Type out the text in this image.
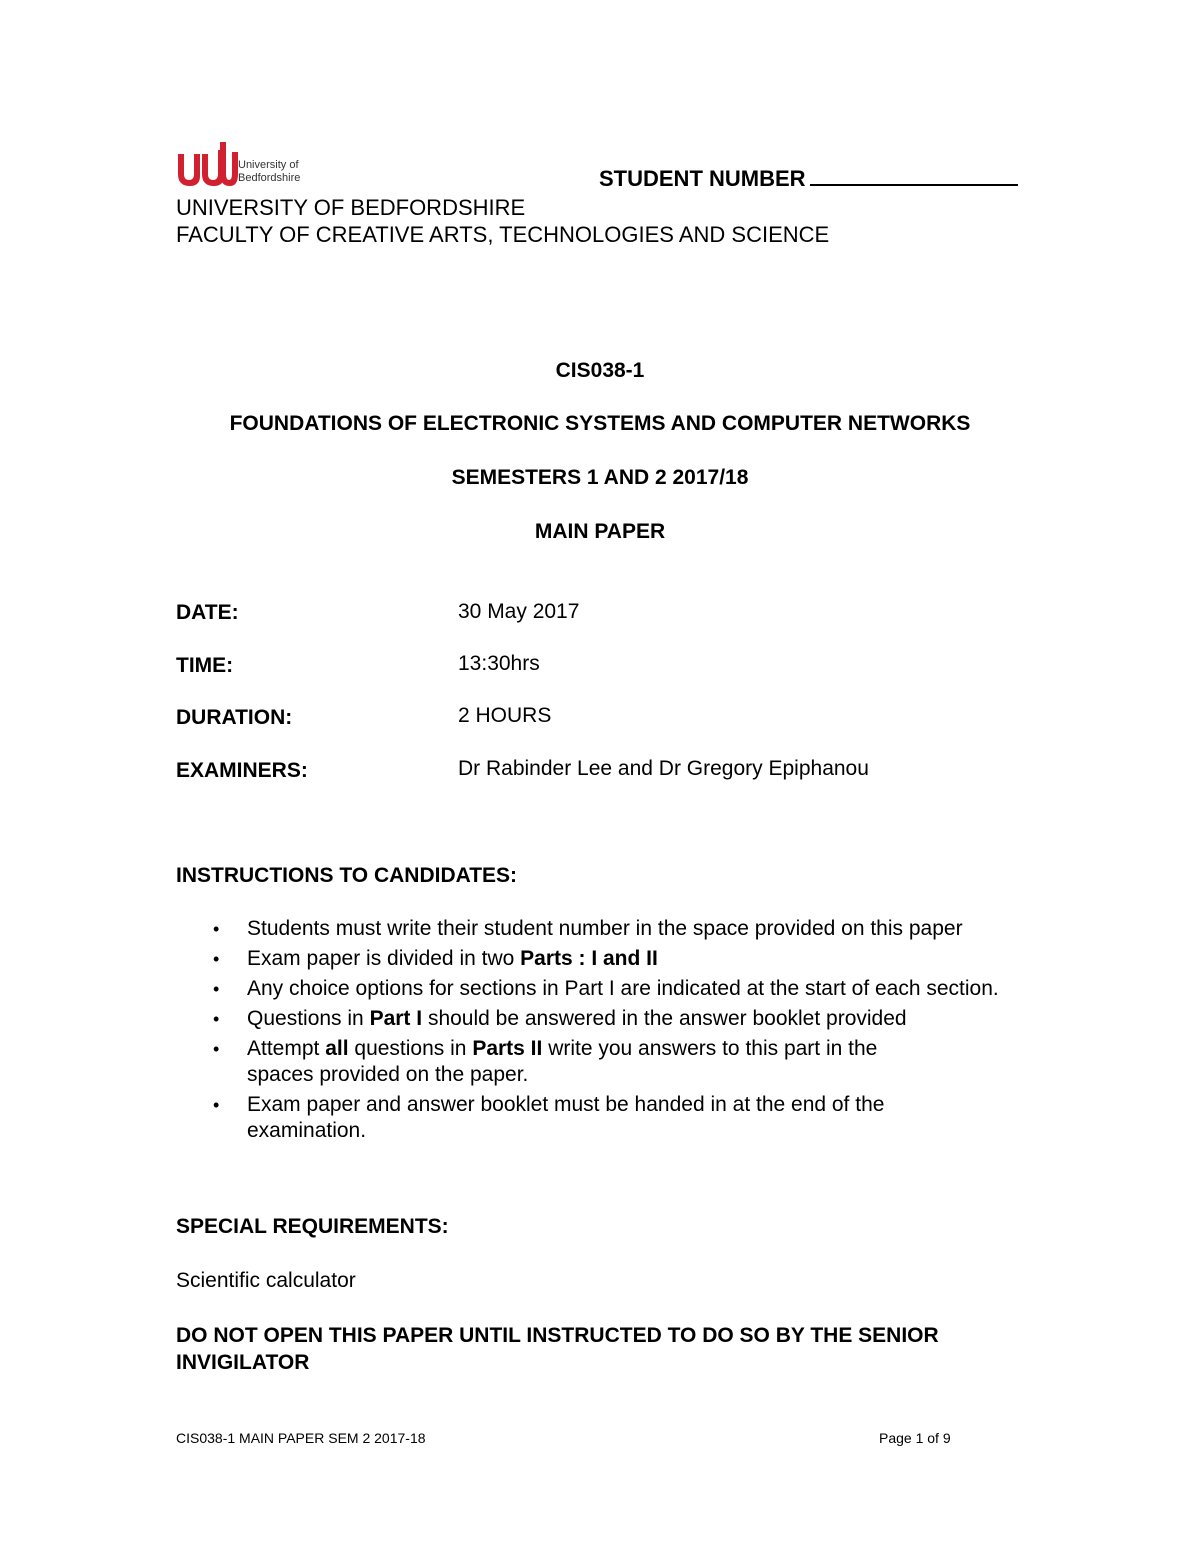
University of
Bedfordshire	STUDENT NUMBER
UNIVERSITY OF BEDFORDSHIRE
FACULTY OF CREATIVE ARTS, TECHNOLOGIES AND SCIENCE
CIS038-1
FOUNDATIONS OF ELECTRONIC SYSTEMS AND COMPUTER NETWORKS
SEMESTERS 1 AND 2 2017/18
MAIN PAPER
DATE:	30 May 2017
TIME:	13:30hrs
DURATION:	2 HOURS
EXAMINERS:	Dr Rabinder Lee and Dr Gregory Epiphanou
INSTRUCTIONS TO CANDIDATES:
• Students must write their student number in the space provided on this paper
• Exam paper is divided in two Parts : I and II
• Any choice options for sections in Part I are indicated at the start of each section.
• Questions in Part I should be answered in the answer booklet provided
• Attempt all questions in Parts II write you answers to this part in the spaces provided on the paper.
• Exam paper and answer booklet must be handed in at the end of the examination.
SPECIAL REQUIREMENTS:
Scientific calculator
DO NOT OPEN THIS PAPER UNTIL INSTRUCTED TO DO SO BY THE SENIOR INVIGILATOR
CIS038-1 MAIN PAPER SEM 2 2017-18	Page 1 of 9
